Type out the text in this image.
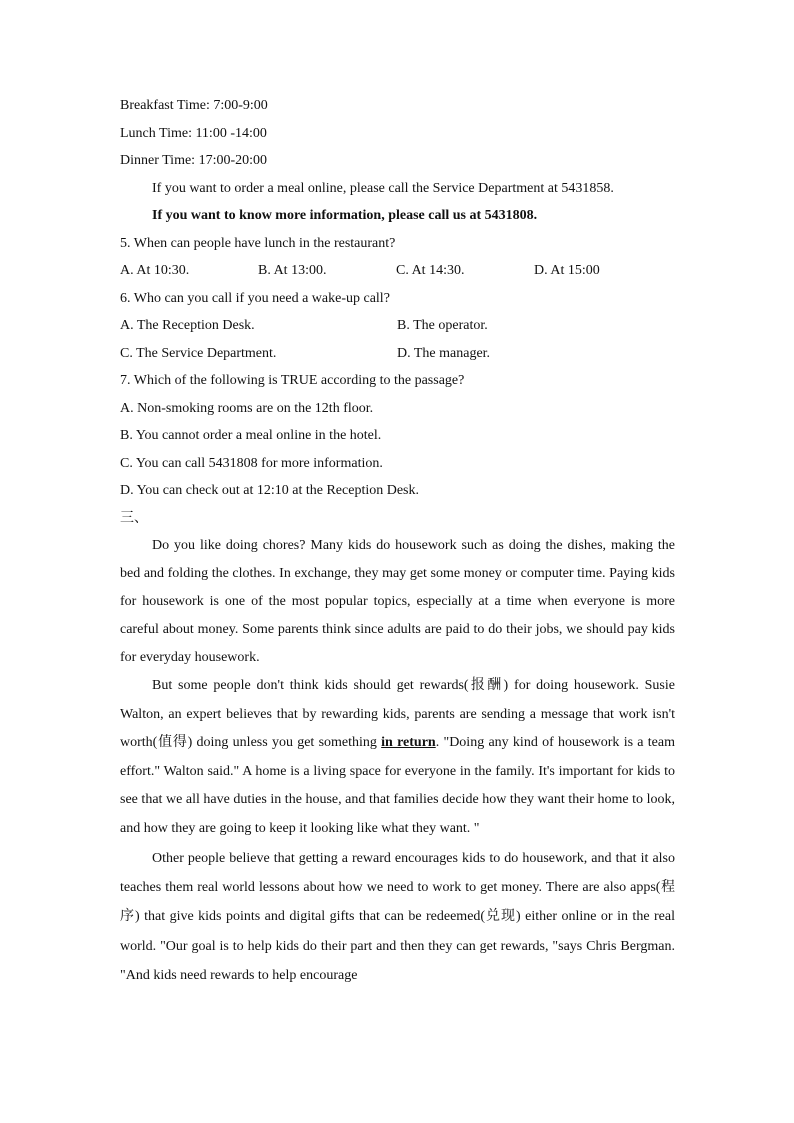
Breakfast Time: 7:00-9:00
Lunch Time: 11:00 -14:00
Dinner Time: 17:00-20:00
If you want to order a meal online, please call the Service Department at 5431858.
If you want to know more information, please call us at 5431808.
5. When can people have lunch in the restaurant?
A. At 10:30.	B. At 13:00.	C. At 14:30.	D. At 15:00
6. Who can you call if you need a wake-up call?
A. The Reception Desk.	B. The operator.
C. The Service Department.	D. The manager.
7. Which of the following is TRUE according to the passage?
A. Non-smoking rooms are on the 12th floor.
B. You cannot order a meal online in the hotel.
C. You can call 5431808 for more information.
D. You can check out at 12:10 at the Reception Desk.
三、

Do you like doing chores? Many kids do housework such as doing the dishes, making the bed and folding the clothes. In exchange, they may get some money or computer time. Paying kids for housework is one of the most popular topics, especially at a time when everyone is more careful about money. Some parents think since adults are paid to do their jobs, we should pay kids for everyday housework.

But some people don't think kids should get rewards(报酬) for doing housework. Susie Walton, an expert believes that by rewarding kids, parents are sending a message that work isn't worth(值得) doing unless you get something in return. "Doing any kind of housework is a team effort." Walton said." A home is a living space for everyone in the family. It's important for kids to see that we all have duties in the house, and that families decide how they want their home to look, and how they are going to keep it looking like what they want. "

Other people believe that getting a reward encourages kids to do housework, and that it also teaches them real world lessons about how we need to work to get money. There are also apps(程序) that give kids points and digital gifts that can be redeemed(兑现) either online or in the real world. "Our goal is to help kids do their part and then they can get rewards, "says Chris Bergman. "And kids need rewards to help encourage
